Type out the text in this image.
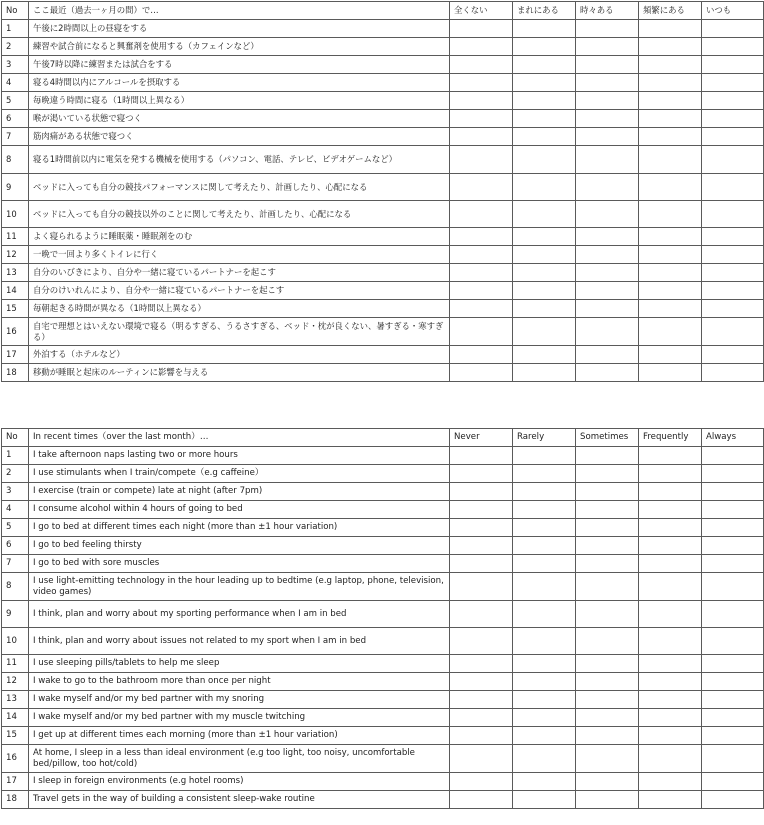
No	ここ最近（過去一ヶ月の間）で…	全くない	まれにある	時々ある	頻繁にある	いつも
1	午後に2時間以上の昼寝をする					
2	練習や試合前になると興奮剤を使用する（カフェインなど）					
3	午後7時以降に練習または試合をする					
4	寝る4時間以内にアルコールを摂取する					
5	毎晩違う時間に寝る（1時間以上異なる）					
6	喉が渇いている状態で寝つく					
7	筋肉痛がある状態で寝つく					
8	寝る1時間前以内に電気を発する機械を使用する（パソコン、電話、テレビ、ビデオゲームなど）					
9	ベッドに入っても自分の競技パフォーマンスに関して考えたり、計画したり、心配になる					
10	ベッドに入っても自分の競技以外のことに関して考えたり、計画したり、心配になる					
11	よく寝られるように睡眠薬・睡眠剤をのむ					
12	一晩で一回より多くトイレに行く					
13	自分のいびきにより、自分や一緒に寝ているパートナーを起こす					
14	自分のけいれんにより、自分や一緒に寝ているパートナーを起こす					
15	毎朝起きる時間が異なる（1時間以上異なる）					
16	自宅で理想とはいえない環境で寝る（明るすぎる、うるさすぎる、ベッド・枕が良くない、暑すぎる・寒すぎる）					
17	外泊する（ホテルなど）					
18	移動が睡眠と起床のルーティンに影響を与える					
No	In recent times（over the last month）…	Never	Rarely	Sometimes	Frequently	Always
1	I take afternoon naps lasting two or more hours					
2	I use stimulants when I train/compete（e.g caffeine）					
3	I exercise (train or compete) late at night (after 7pm)					
4	I consume alcohol within 4 hours of going to bed					
5	I go to bed at different times each night (more than ±1 hour variation)					
6	I go to bed feeling thirsty					
7	I go to bed with sore muscles					
8	I use light-emitting technology in the hour leading up to bedtime (e.g laptop, phone, television, video games)					
9	I think, plan and worry about my sporting performance when I am in bed					
10	I think, plan and worry about issues not related to my sport when I am in bed					
11	I use sleeping pills/tablets to help me sleep					
12	I wake to go to the bathroom more than once per night					
13	I wake myself and/or my bed partner with my snoring					
14	I wake myself and/or my bed partner with my muscle twitching					
15	I get up at different times each morning (more than ±1 hour variation)					
16	At home, I sleep in a less than ideal environment (e.g too light, too noisy, uncomfortable bed/pillow, too hot/cold)					
17	I sleep in foreign environments (e.g hotel rooms)					
18	Travel gets in the way of building a consistent sleep-wake routine					
